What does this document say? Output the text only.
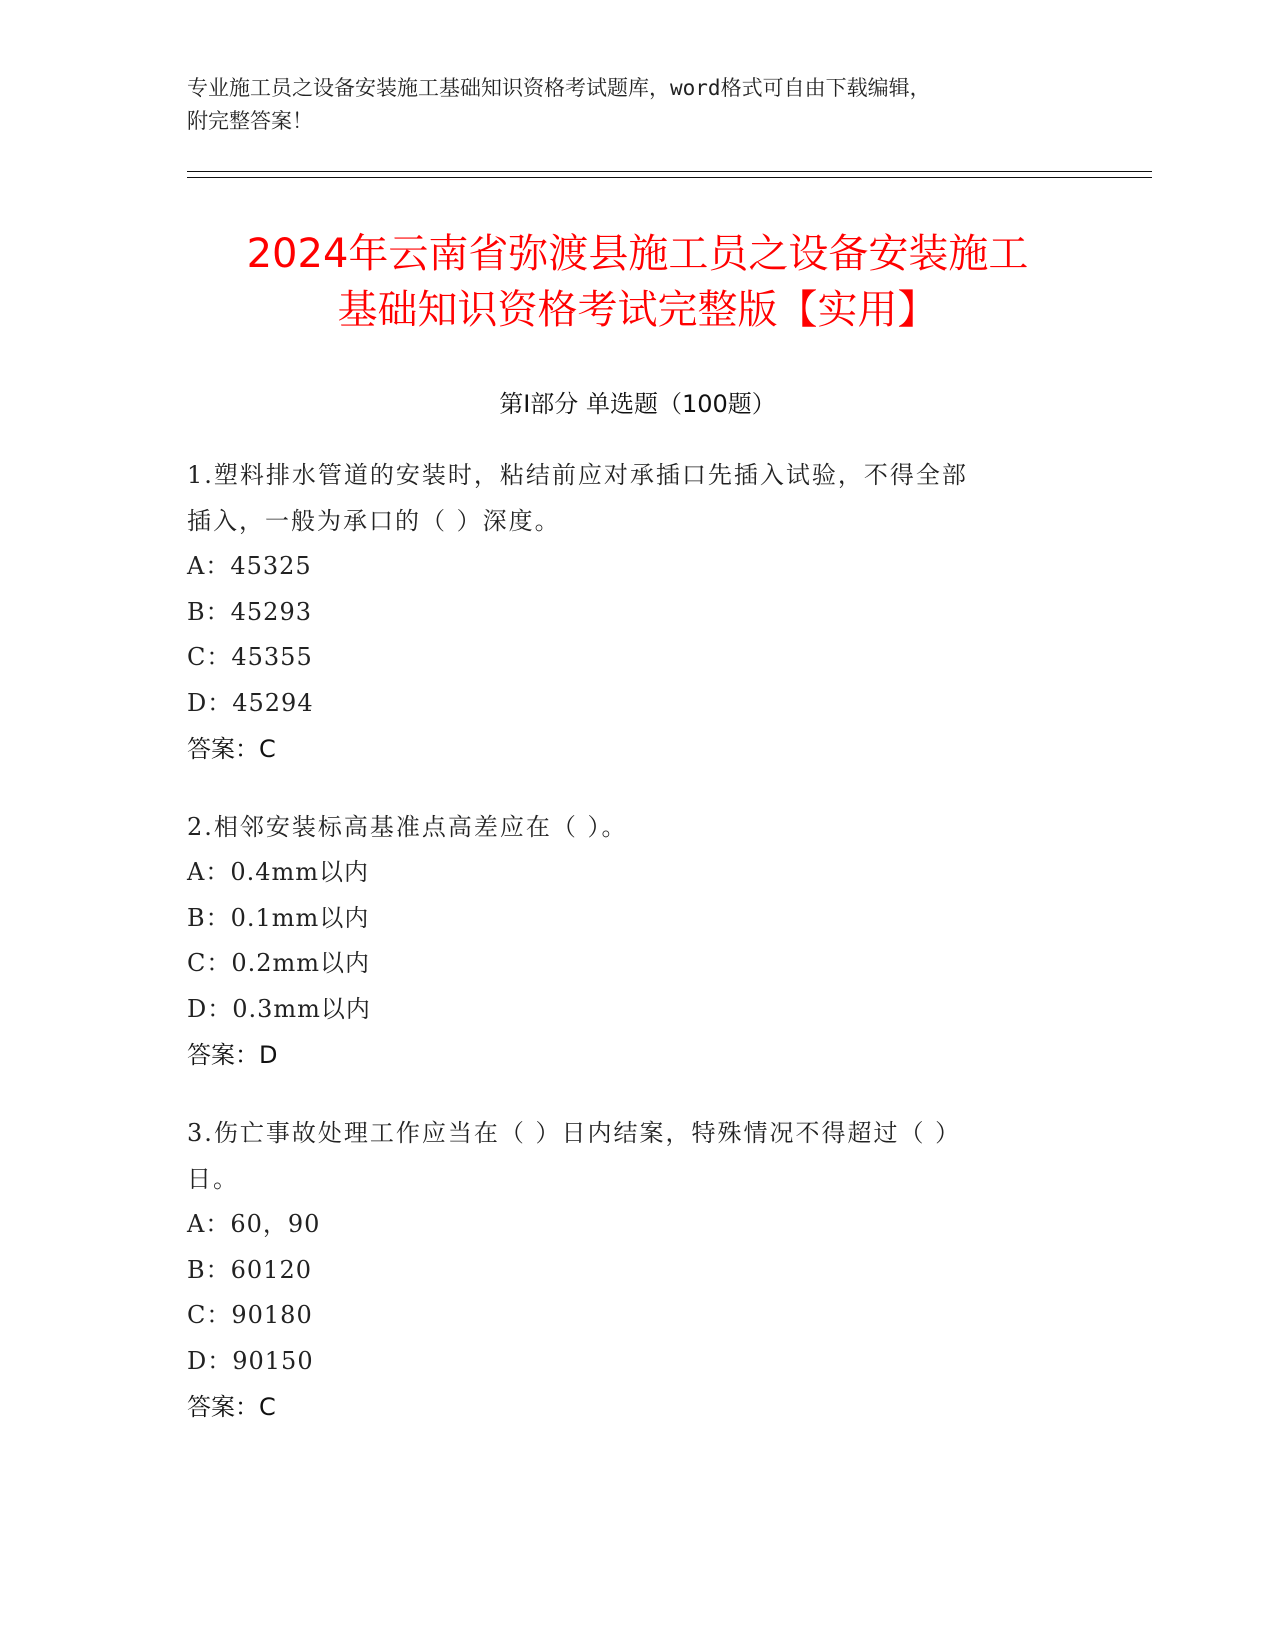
专业施工员之设备安装施工基础知识资格考试题库，word格式可自由下载编辑，
附完整答案！
2024年云南省弥渡县施工员之设备安装施工
基础知识资格考试完整版【实用】
第Ⅰ部分 单选题（100题）
1.塑料排水管道的安装时，粘结前应对承插口先插入试验，不得全部
插入，一般为承口的（ ）深度。
A：45325
B：45293
C：45355
D：45294
答案：C
2.相邻安装标高基准点高差应在（ ）。
A：0.4mm以内
B：0.1mm以内
C：0.2mm以内
D：0.3mm以内
答案：D
3.伤亡事故处理工作应当在（ ）日内结案，特殊情况不得超过（ ）
日。
A：60，90
B：60120
C：90180
D：90150
答案：C
